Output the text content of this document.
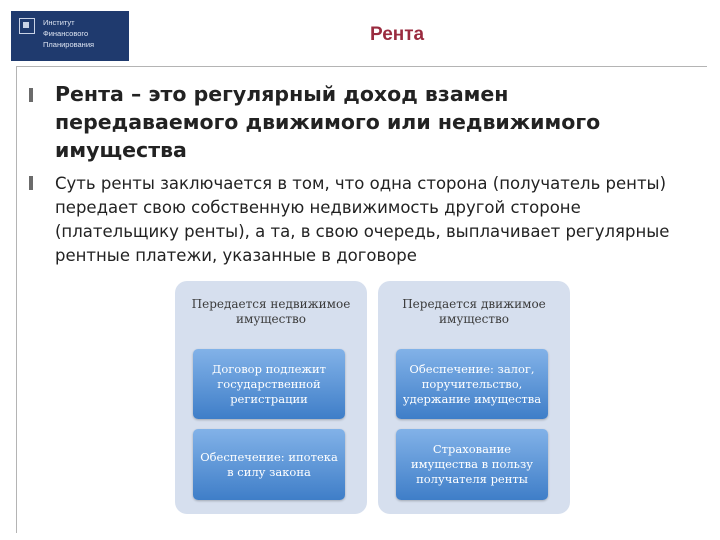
Институт
Финансового
Планирования	Рента
Рента – это регулярный доход взамен передаваемого движимого или недвижимого имущества
Суть ренты заключается в том, что одна сторона (получатель ренты) передает свою собственную недвижимость другой стороне (плательщику ренты), а та, в свою очередь, выплачивает регулярные рентные платежи, указанные в договоре
Передается недвижимое имущество
Договор подлежит государственной регистрации
Обеспечение: ипотека в силу закона
Передается движимое имущество
Обеспечение: залог, поручительство, удержание имущества
Страхование имущества в пользу получателя ренты
